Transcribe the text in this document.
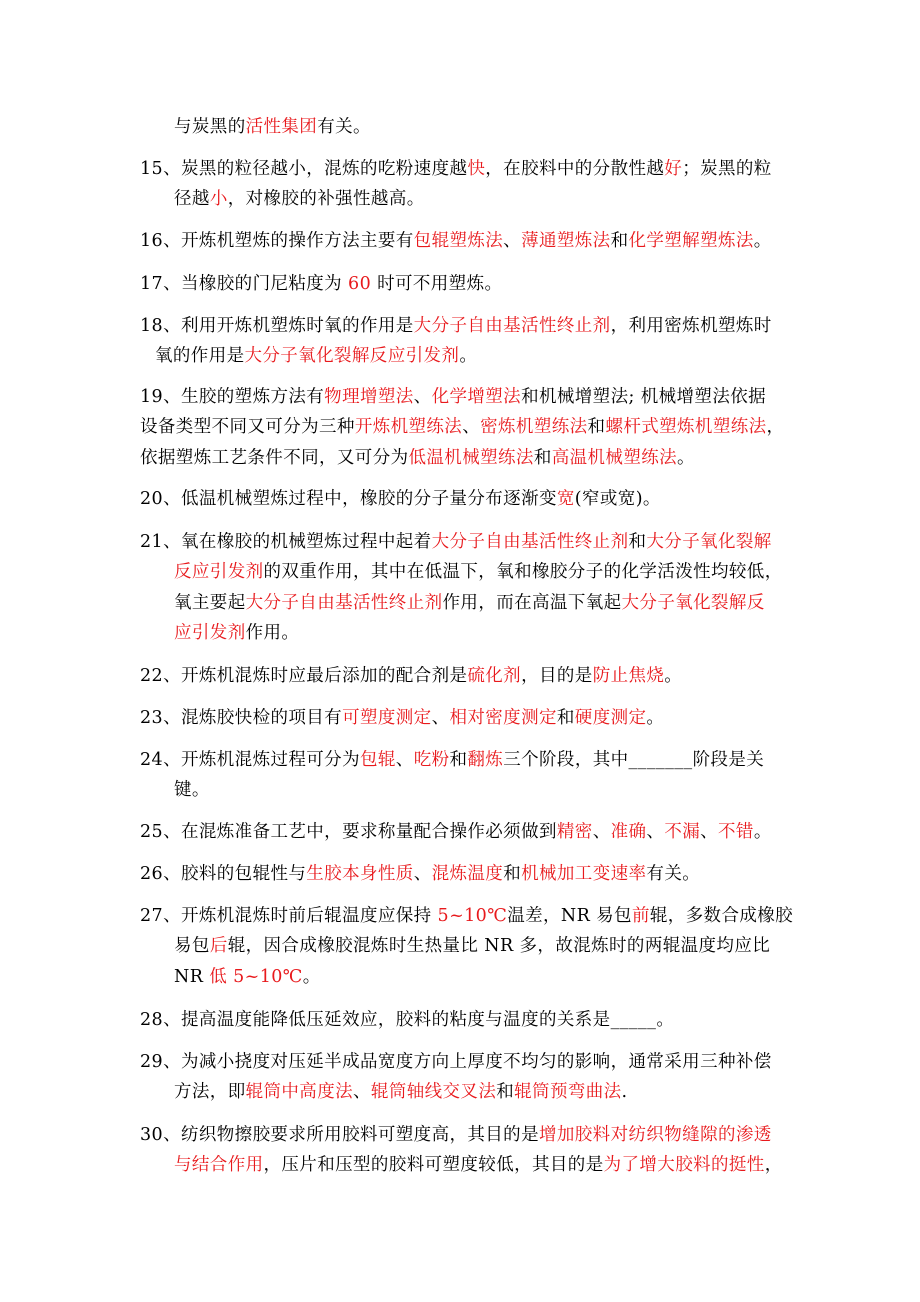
与炭黑的活性集团有关。
15、炭黑的粒径越小，混炼的吃粉速度越快，在胶料中的分散性越好；炭黑的粒
径越小，对橡胶的补强性越高。
16、开炼机塑炼的操作方法主要有包辊塑炼法、薄通塑炼法和化学塑解塑炼法。
17、当橡胶的门尼粘度为 60 时可不用塑炼。
18、利用开炼机塑炼时氧的作用是大分子自由基活性终止剂，利用密炼机塑炼时
氧的作用是大分子氧化裂解反应引发剂。
19、生胶的塑炼方法有物理增塑法、化学增塑法和机械增塑法; 机械增塑法依据
设备类型不同又可分为三种开炼机塑练法、密炼机塑练法和螺杆式塑炼机塑练法，
依据塑炼工艺条件不同，又可分为低温机械塑练法和高温机械塑练法。
20、低温机械塑炼过程中，橡胶的分子量分布逐渐变宽(窄或宽)。
21、氧在橡胶的机械塑炼过程中起着大分子自由基活性终止剂和大分子氧化裂解
反应引发剂的双重作用，其中在低温下，氧和橡胶分子的化学活泼性均较低，
氧主要起大分子自由基活性终止剂作用，而在高温下氧起大分子氧化裂解反
应引发剂作用。
22、开炼机混炼时应最后添加的配合剂是硫化剂，目的是防止焦烧。
23、混炼胶快检的项目有可塑度测定、相对密度测定和硬度测定。
24、开炼机混炼过程可分为包辊、吃粉和翻炼三个阶段，其中_______阶段是关
键。
25、在混炼准备工艺中，要求称量配合操作必须做到精密、准确、不漏、不错。
26、胶料的包辊性与生胶本身性质、混炼温度和机械加工变速率有关。
27、开炼机混炼时前后辊温度应保持 5~10℃温差，NR 易包前辊，多数合成橡胶
易包后辊，因合成橡胶混炼时生热量比 NR 多，故混炼时的两辊温度均应比
NR 低 5~10℃。
28、提高温度能降低压延效应，胶料的粘度与温度的关系是_____。
29、为减小挠度对压延半成品宽度方向上厚度不均匀的影响，通常采用三种补偿
方法，即辊筒中高度法、辊筒轴线交叉法和辊筒预弯曲法.
30、纺织物擦胶要求所用胶料可塑度高，其目的是增加胶料对纺织物缝隙的渗透
与结合作用，压片和压型的胶料可塑度较低，其目的是为了增大胶料的挺性，
